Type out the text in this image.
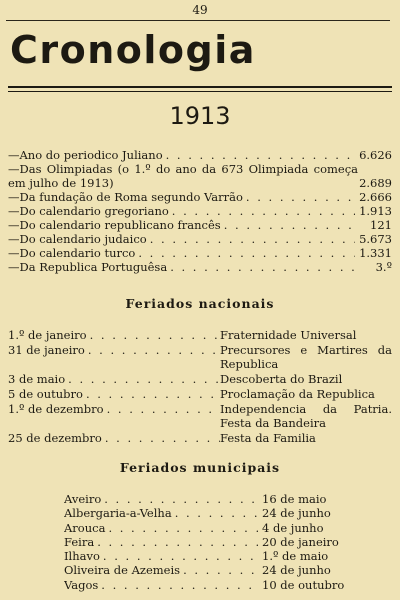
49
Cronologia
1913
—Ano do periodico Juliano . . .	6.626
—Das Olimpiadas (o 1.º do ano da 673 Olimpiada começa em julho de 1913)	2.689
—Da fundação de Roma segundo Varrão . . .	2.666
—Do calendario gregoriano . . .	1.913
—Do calendario republicano francês . . .	121
—Do calendario judaico . . .	5.673
—Do calendario turco . . .	1.331
—Da Republica Portuguêsa . . .	3.º
Feriados nacionais
1.º de janeiro . . .	Fraternidade Universal
31 de janeiro . . .	Precursores e Martires da Republica
3 de maio . . .	Descoberta do Brazil
5 de outubro . . .	Proclamação da Republica
1.º de dezembro . . .	Independencia da Patria. Festa da Bandeira
25 de dezembro . . .	Festa da Familia
Feriados municipais
Aveiro . . .	16 de maio
Albergaria-a-Velha . . .	24 de junho
Arouca . . .	4 de junho
Feira . . .	20 de janeiro
Ilhavo . . .	1.º de maio
Oliveira de Azemeis . . .	24 de junho
Vagos . . .	10 de outubro
